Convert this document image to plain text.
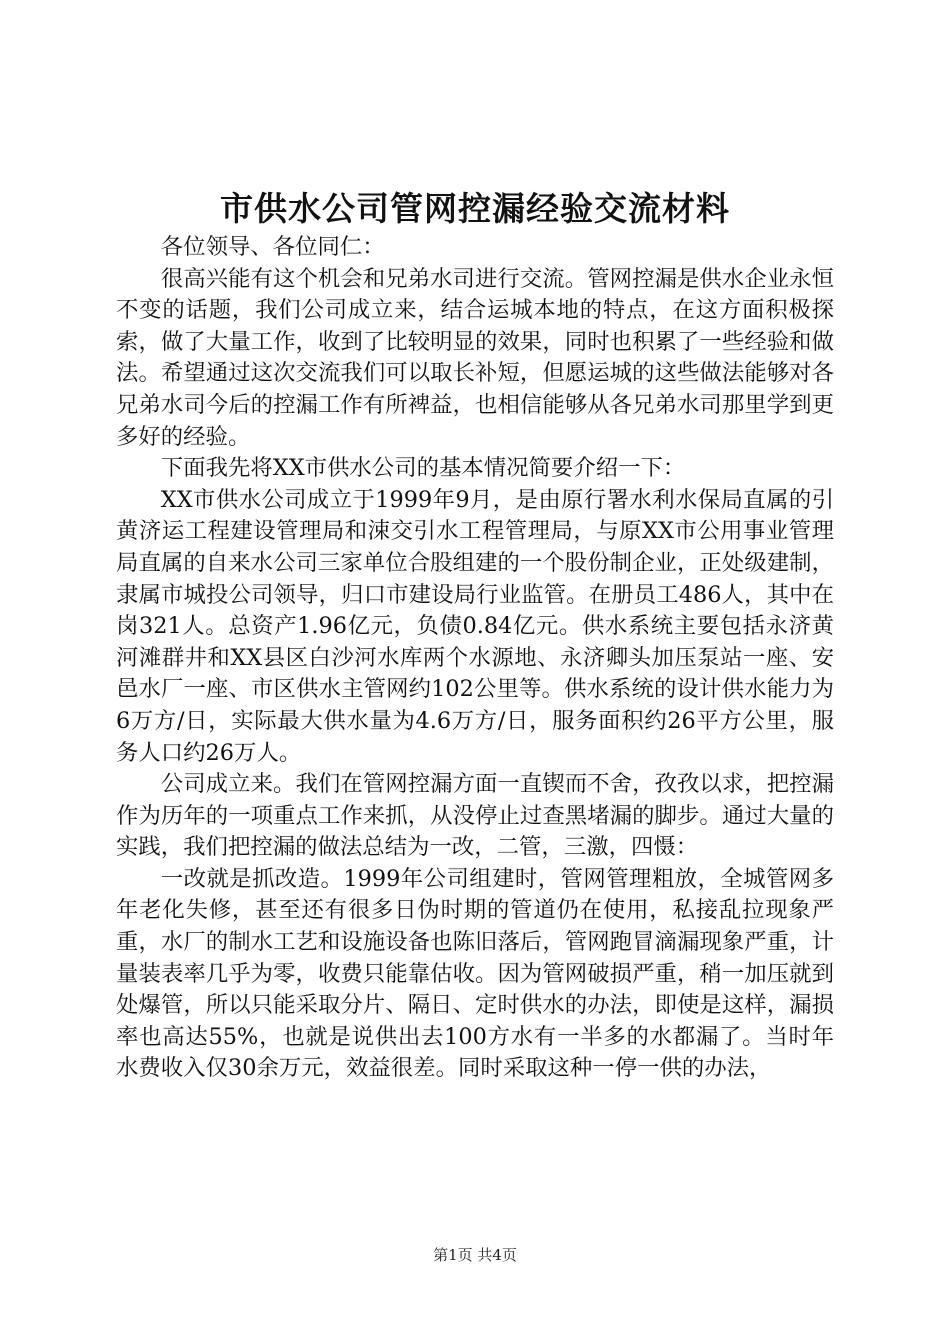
市供水公司管网控漏经验交流材料

各位领导、各位同仁：

很高兴能有这个机会和兄弟水司进行交流。管网控漏是供水企业永恒不变的话题，我们公司成立来，结合运城本地的特点，在这方面积极探索，做了大量工作，收到了比较明显的效果，同时也积累了一些经验和做法。希望通过这次交流我们可以取长补短，但愿运城的这些做法能够对各兄弟水司今后的控漏工作有所裨益，也相信能够从各兄弟水司那里学到更多好的经验。

下面我先将XX市供水公司的基本情况简要介绍一下：

XX市供水公司成立于1999年9月，是由原行署水利水保局直属的引黄济运工程建设管理局和涑交引水工程管理局，与原XX市公用事业管理局直属的自来水公司三家单位合股组建的一个股份制企业，正处级建制，隶属市城投公司领导，归口市建设局行业监管。在册员工486人，其中在岗321人。总资产1.96亿元，负债0.84亿元。供水系统主要包括永济黄河滩群井和XX县区白沙河水库两个水源地、永济卿头加压泵站一座、安邑水厂一座、市区供水主管网约102公里等。供水系统的设计供水能力为6万方/日，实际最大供水量为4.6万方/日，服务面积约26平方公里，服务人口约26万人。

公司成立来。我们在管网控漏方面一直锲而不舍，孜孜以求，把控漏作为历年的一项重点工作来抓，从没停止过查黑堵漏的脚步。通过大量的实践，我们把控漏的做法总结为一改，二管，三激，四慑：

一改就是抓改造。1999年公司组建时，管网管理粗放，全城管网多年老化失修，甚至还有很多日伪时期的管道仍在使用，私接乱拉现象严重，水厂的制水工艺和设施设备也陈旧落后，管网跑冒滴漏现象严重，计量装表率几乎为零，收费只能靠估收。因为管网破损严重，稍一加压就到处爆管，所以只能采取分片、隔日、定时供水的办法，即使是这样，漏损率也高达55%，也就是说供出去100方水有一半多的水都漏了。当时年水费收入仅30余万元，效益很差。同时采取这种一停一供的办法，

第1页 共4页
